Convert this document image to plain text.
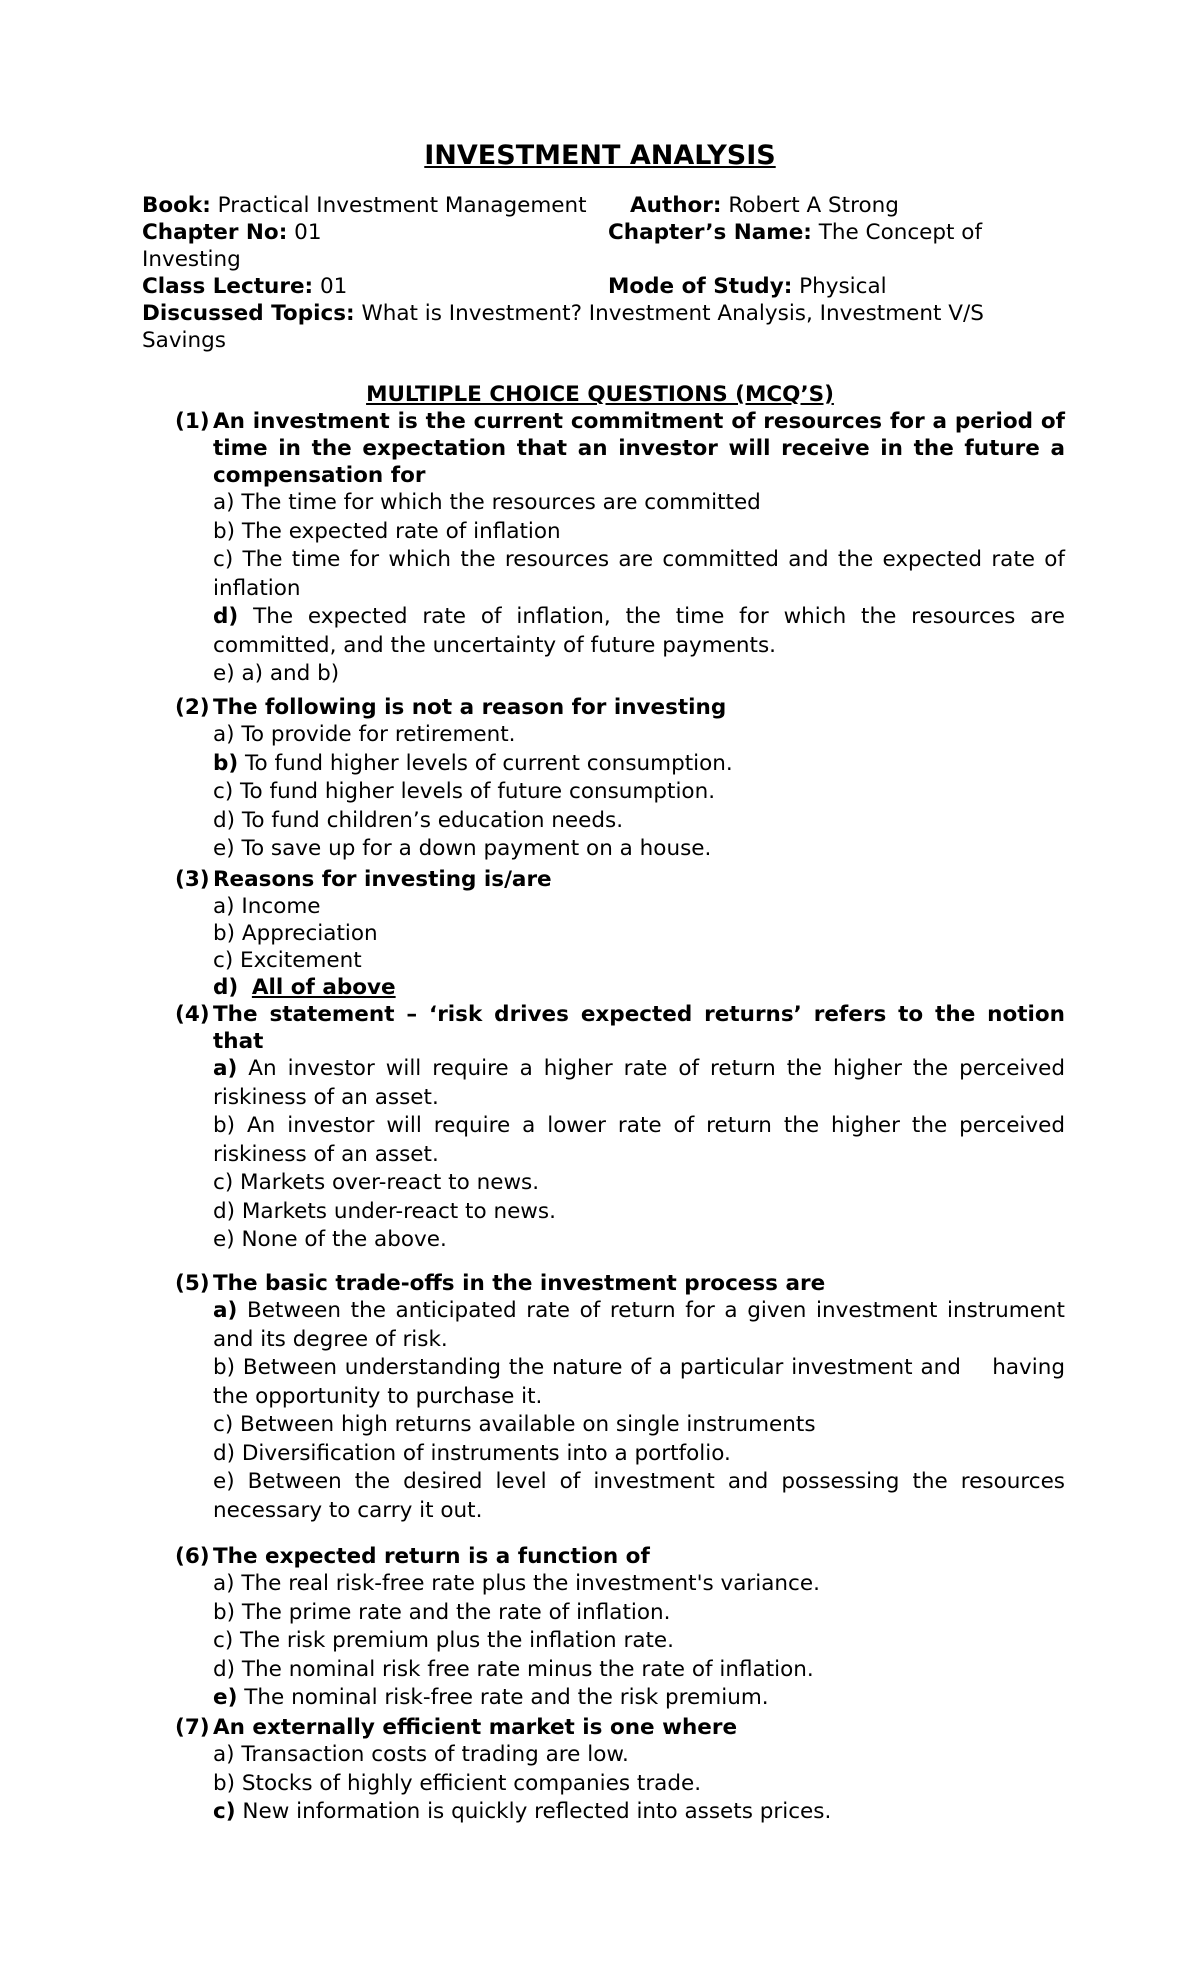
INVESTMENT ANALYSIS
Book: Practical Investment Management Author: Robert A Strong
Chapter No: 01	Chapter’s Name: The Concept of
Investing
Class Lecture: 01	Mode of Study: Physical
Discussed Topics: What is Investment? Investment Analysis, Investment V/S Savings
MULTIPLE CHOICE QUESTIONS (MCQ’S)
(1) An investment is the current commitment of resources for a period of time in the expectation that an investor will receive in the future a compensation for
a) The time for which the resources are committed
b) The expected rate of inflation
c) The time for which the resources are committed and the expected rate of inflation
d) The expected rate of inflation, the time for which the resources are committed, and the uncertainty of future payments.
e) a) and b)
(2) The following is not a reason for investing
a) To provide for retirement.
b) To fund higher levels of current consumption.
c) To fund higher levels of future consumption.
d) To fund children’s education needs.
e) To save up for a down payment on a house.
(3) Reasons for investing is/are
a) Income
b) Appreciation
c) Excitement
d) All of above
(4) The statement – ‘risk drives expected returns’ refers to the notion that
a) An investor will require a higher rate of return the higher the perceived riskiness of an asset.
b) An investor will require a lower rate of return the higher the perceived riskiness of an asset.
c) Markets over-react to news.
d) Markets under-react to news.
e) None of the above.
(5) The basic trade-offs in the investment process are
a) Between the anticipated rate of return for a given investment instrument and its degree of risk.
b) Between understanding the nature of a particular investment and    having the opportunity to purchase it.
c) Between high returns available on single instruments
d) Diversification of instruments into a portfolio.
e) Between the desired level of investment and possessing the resources necessary to carry it out.
(6) The expected return is a function of
a) The real risk-free rate plus the investment's variance.
b) The prime rate and the rate of inflation.
c) The risk premium plus the inflation rate.
d) The nominal risk free rate minus the rate of inflation.
e) The nominal risk-free rate and the risk premium.
(7) An externally efficient market is one where
a) Transaction costs of trading are low.
b) Stocks of highly efficient companies trade.
c) New information is quickly reflected into assets prices.
